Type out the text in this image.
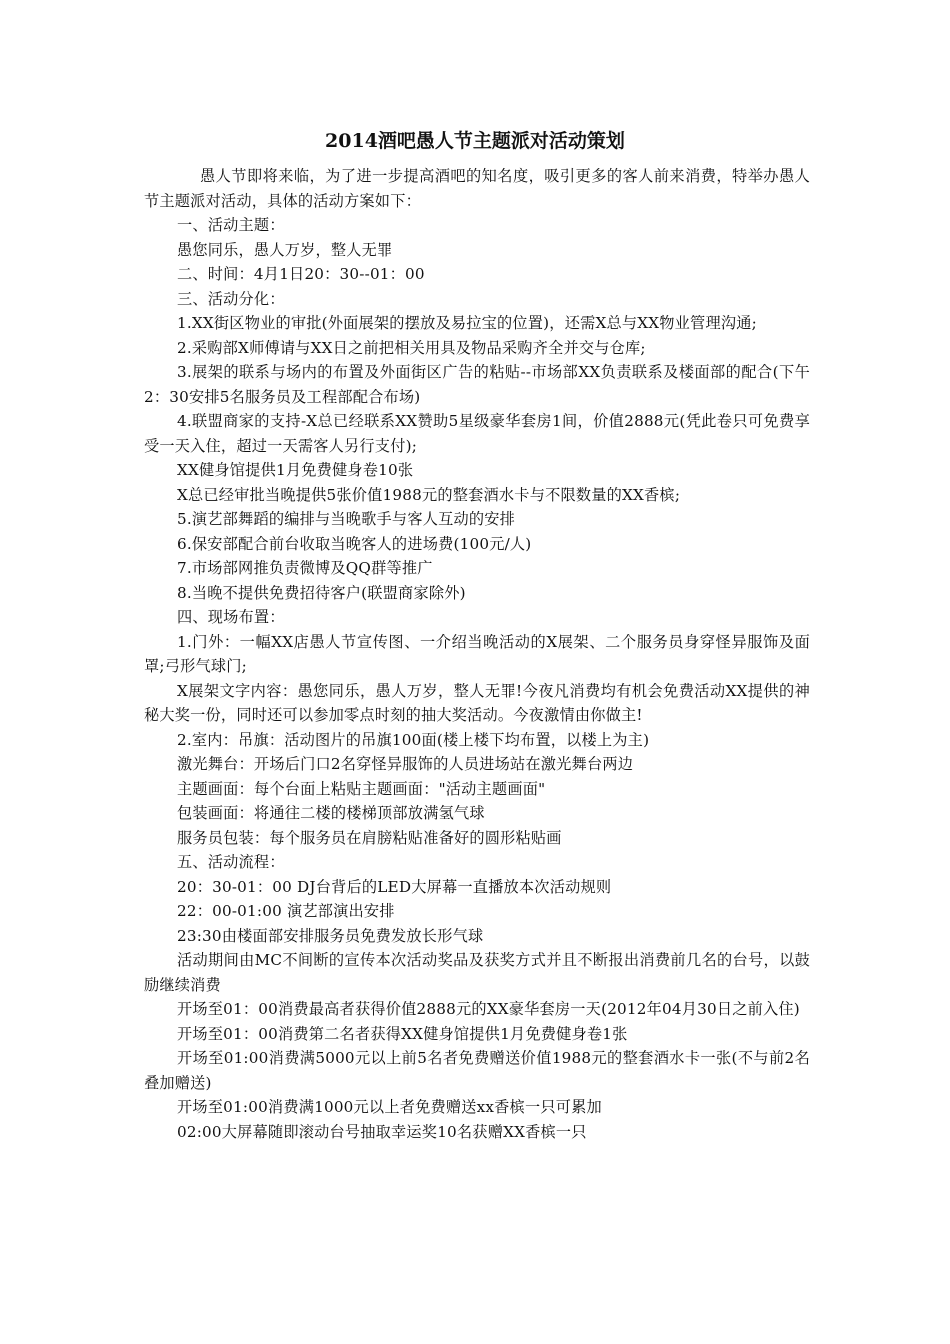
2014酒吧愚人节主题派对活动策划

愚人节即将来临，为了进一步提高酒吧的知名度，吸引更多的客人前来消费，特举办愚人节主题派对活动，具体的活动方案如下：

一、活动主题：

愚您同乐，愚人万岁，整人无罪

二、时间：4月1日20：30--01：00

三、活动分化：

1.XX街区物业的审批(外面展架的摆放及易拉宝的位置)，还需X总与XX物业管理沟通;

2.采购部X师傅请与XX日之前把相关用具及物品采购齐全并交与仓库;

3.展架的联系与场内的布置及外面街区广告的粘贴--市场部XX负责联系及楼面部的配合(下午2：30安排5名服务员及工程部配合布场)

4.联盟商家的支持-X总已经联系XX赞助5星级豪华套房1间，价值2888元(凭此卷只可免费享受一天入住，超过一天需客人另行支付);

XX健身馆提供1月免费健身卷10张

X总已经审批当晚提供5张价值1988元的整套酒水卡与不限数量的XX香槟;

5.演艺部舞蹈的编排与当晚歌手与客人互动的安排

6.保安部配合前台收取当晚客人的进场费(100元/人)

7.市场部网推负责微博及QQ群等推广

8.当晚不提供免费招待客户(联盟商家除外)

四、现场布置：

1.门外：一幅XX店愚人节宣传图、一介绍当晚活动的X展架、二个服务员身穿怪异服饰及面罩;弓形气球门;

X展架文字内容：愚您同乐，愚人万岁，整人无罪!今夜凡消费均有机会免费活动XX提供的神秘大奖一份，同时还可以参加零点时刻的抽大奖活动。今夜激情由你做主!

2.室内：吊旗：活动图片的吊旗100面(楼上楼下均布置，以楼上为主)

激光舞台：开场后门口2名穿怪异服饰的人员进场站在激光舞台两边

主题画面：每个台面上粘贴主题画面："活动主题画面"

包装画面：将通往二楼的楼梯顶部放满氢气球

服务员包装：每个服务员在肩膀粘贴准备好的圆形粘贴画

五、活动流程：

20：30-01：00 DJ台背后的LED大屏幕一直播放本次活动规则

22：00-01:00 演艺部演出安排

23:30由楼面部安排服务员免费发放长形气球

活动期间由MC不间断的宣传本次活动奖品及获奖方式并且不断报出消费前几名的台号，以鼓励继续消费

开场至01：00消费最高者获得价值2888元的XX豪华套房一天(2012年04月30日之前入住)

开场至01：00消费第二名者获得XX健身馆提供1月免费健身卷1张

开场至01:00消费满5000元以上前5名者免费赠送价值1988元的整套酒水卡一张(不与前2名叠加赠送)

开场至01:00消费满1000元以上者免费赠送xx香槟一只可累加

02:00大屏幕随即滚动台号抽取幸运奖10名获赠XX香槟一只
